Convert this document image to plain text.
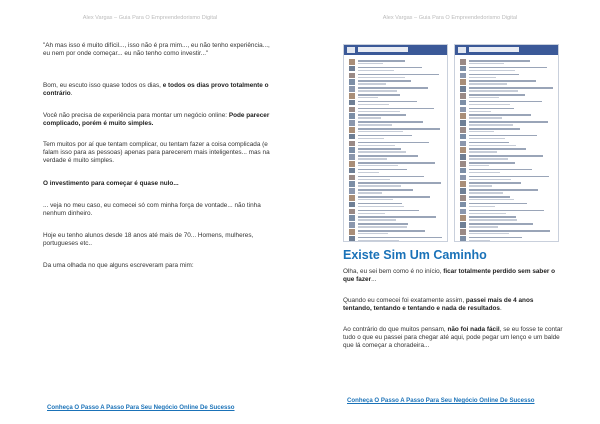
Alex Vargas – Guia Para O Empreendedorismo Digital
"Ah mas isso é muito difícil..., isso não é pra mim..., eu não tenho experiência..., eu nem por onde começar... eu não tenho como investir..."
Bom, eu escuto isso quase todos os dias, e todos os dias provo totalmente o contrário.
Você não precisa de experiência para montar um negócio online: Pode parecer complicado, porém é muito simples.
Tem muitos por aí que tentam complicar, ou tentam fazer a coisa complicada (e falam isso para as pessoas) apenas para parecerem mais inteligentes... mas na verdade é muito simples.
O investimento para começar é quase nulo...
... veja no meu caso, eu comecei só com minha força de vontade... não tinha nenhum dinheiro.
Hoje eu tenho alunos desde 18 anos até mais de 70... Homens, mulheres, portugueses etc..
Da uma olhada no que alguns escreveram para mim:
Conheça O Passo A Passo Para Seu Negócio Online De Sucesso
Alex Vargas – Guia Para O Empreendedorismo Digital
Existe Sim Um Caminho
Olha, eu sei bem como é no início, ficar totalmente perdido sem saber o que fazer...
Quando eu comecei foi exatamente assim, passei mais de 4 anos tentando, tentando e tentando e nada de resultados.
Ao contrário do que muitos pensam, não foi nada fácil, se eu fosse te contar tudo o que eu passei para chegar até aqui, pode pegar um lenço e um balde que lá começar a choradeira...
Conheça O Passo A Passo Para Seu Negócio Online De Sucesso
